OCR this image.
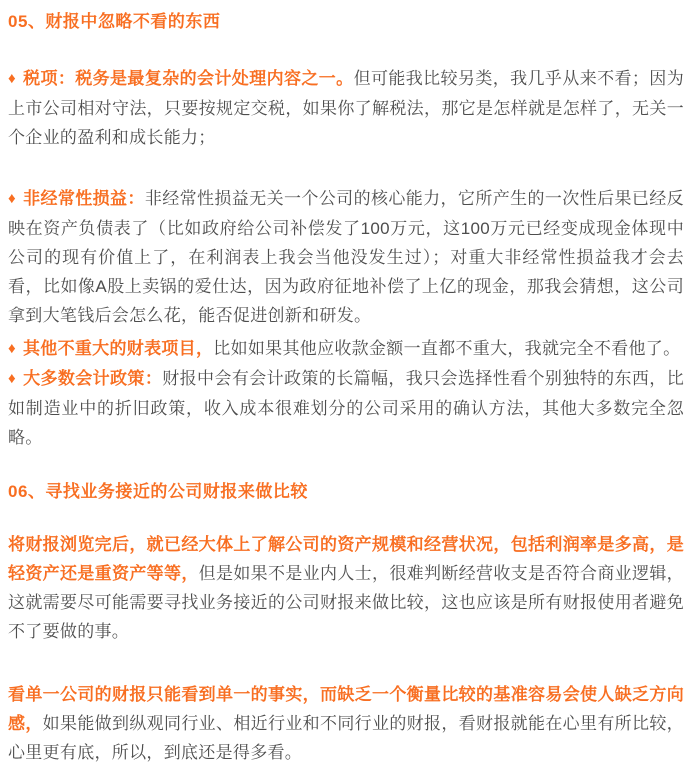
05、财报中忽略不看的东西

♦ 税项：税务是最复杂的会计处理内容之一。但可能我比较另类，我几乎从来不看；因为上市公司相对守法，只要按规定交税，如果你了解税法，那它是怎样就是怎样了，无关一个企业的盈利和成长能力；

♦ 非经常性损益：非经常性损益无关一个公司的核心能力，它所产生的一次性后果已经反映在资产负债表了（比如政府给公司补偿发了100万元，这100万元已经变成现金体现中公司的现有价值上了，在利润表上我会当他没发生过）；对重大非经常性损益我才会去看，比如像A股上卖锅的爱仕达，因为政府征地补偿了上亿的现金，那我会猜想，这公司拿到大笔钱后会怎么花，能否促进创新和研发。

♦ 其他不重大的财表项目，比如如果其他应收款金额一直都不重大，我就完全不看他了。

♦ 大多数会计政策：财报中会有会计政策的长篇幅，我只会选择性看个别独特的东西，比如制造业中的折旧政策，收入成本很难划分的公司采用的确认方法，其他大多数完全忽略。

06、寻找业务接近的公司财报来做比较

将财报浏览完后，就已经大体上了解公司的资产规模和经营状况，包括利润率是多高，是轻资产还是重资产等等，但是如果不是业内人士，很难判断经营收支是否符合商业逻辑，这就需要尽可能需要寻找业务接近的公司财报来做比较，这也应该是所有财报使用者避免不了要做的事。

看单一公司的财报只能看到单一的事实，而缺乏一个衡量比较的基准容易会使人缺乏方向感，如果能做到纵观同行业、相近行业和不同行业的财报，看财报就能在心里有所比较，心里更有底，所以，到底还是得多看。
